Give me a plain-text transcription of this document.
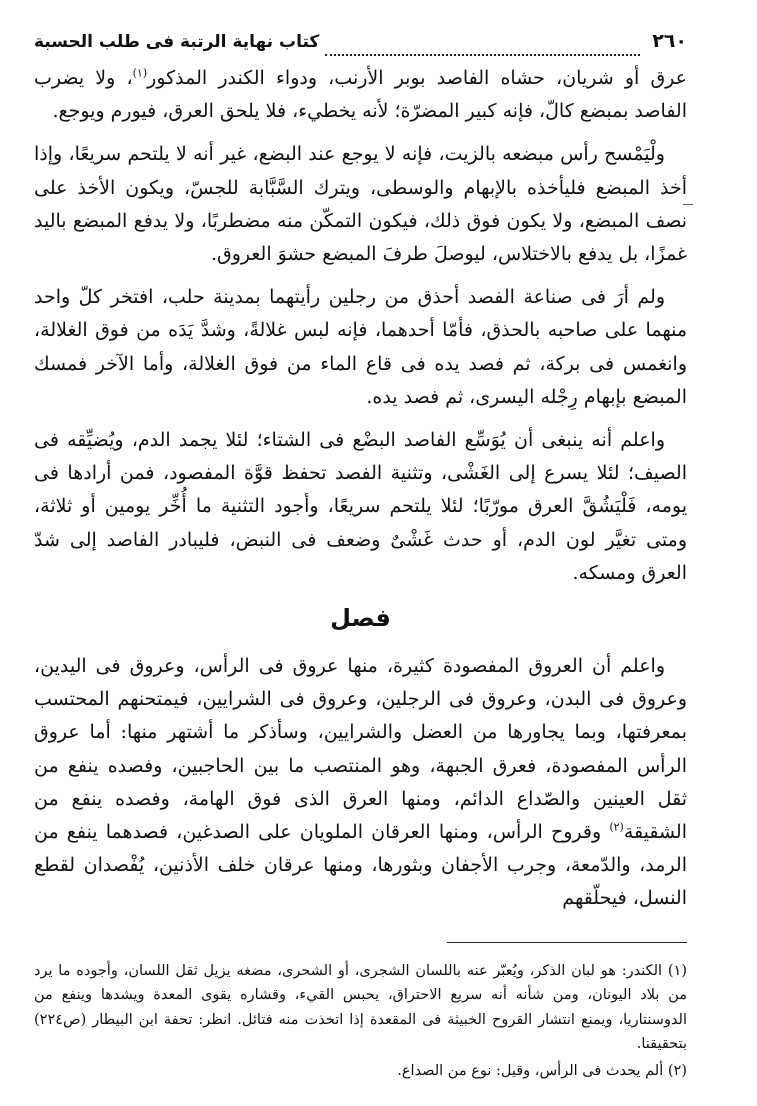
٢٦٠
كتاب نهاية الرتبة فى طلب الحسبة

عرق أو شريان، حشاه الفاصد بوبر الأرنب، ودواء الكندر المذكور$^{(١)}$، ولا يضرب الفاصد بمبضع كالّ، فإنه كبير المضرّة؛ لأنه يخطيء، فلا يلحق العرق، فيورم ويوجع.

ولْيَمْسح رأس مبضعه بالزيت، فإنه لا يوجع عند البضع، غير أنه لا يلتحم سريعًا، وإذا أخذ المبضع فليأخذه بالإبهام والوسطى، ويترك السَّبَّابة للجسّ، ويكون الأخذ على نصف المبضع، ولا يكون فوق ذلك، فيكون التمكّن منه مضطربًا، ولا يدفع المبضع باليد غمزًا، بل يدفع بالاختلاس، ليوصلَ طرفَ المبضع حشوَ العروق.

ولم أرَ فى صناعة الفصد أحذق من رجلين رأيتهما بمدينة حلب، افتخر كلّ واحد منهما على صاحبه بالحذق، فأمّا أحدهما، فإنه لبس غلالةً، وشدَّ يَدَه من فوق الغلالة، وانغمس فى بركة، ثم فصد يده فى قاع الماء من فوق الغلالة، وأما الآخر فمسك المبضع بإبهام رِجْله اليسرى، ثم فصد يده.

واعلم أنه ينبغى أن يُوَسِّع الفاصد البضْع فى الشتاء؛ لئلا يجمد الدم، ويُضيِّقه فى الصيف؛ لئلا يسرع إلى الغَشْى، وتثنية الفصد تحفظ قوَّة المفصود، فمن أرادها فى يومه، فَلْيَشُقَّ العرق مورّبًا؛ لئلا يلتحم سريعًا، وأجود التثنية ما أُخِّر يومين أو ثلاثة، ومتى تغيَّر لون الدم، أو حدث غَشْىٌ وضعف فى النبض، فليبادر الفاصد إلى شدّ العرق ومسكه.

فصل

واعلم أن العروق المفصودة كثيرة، منها عروق فى الرأس، وعروق فى اليدين، وعروق فى البدن، وعروق فى الرجلين، وعروق فى الشرايين، فيمتحنهم المحتسب بمعرفتها، وبما يجاورها من العضل والشرايين، وسأذكر ما أشتهر منها: أما عروق الرأس المفصودة، فعرق الجبهة، وهو المنتصب ما بين الحاجبين، وفصده ينفع من ثقل العينين والصّداع الدائم، ومنها العرق الذى فوق الهامة، وفصده ينفع من الشقيقة$^{(٢)}$ وقروح الرأس، ومنها العرقان الملويان على الصدغين، فصدهما ينفع من الرمد، والدّمعة، وجرب الأجفان وبثورها، ومنها عرقان خلف الأذنين، يُفْصدان لقطع النسل، فيحلّقهم

(١) الكندر: هو لبان الذكر، ويُعبّر عنه باللسان الشجرى، أو الشحرى، مضغه يزيل ثقل اللسان، وأجوده ما يرد من بلاد اليونان، ومن شأنه أنه سريع الاحتراق، يحبس القيء، وقشاره يقوى المعدة ويشدها وينفع من الدوسنتاريا، ويمنع انتشار القروح الخبيثة فى المقعدة إذا اتخذت منه فتائل. انظر: تحفة ابن البيطار (ص٢٢٤) بتحقيقنا.

(٢) ألم يحدث فى الرأس، وقيل: نوع من الصداع.
